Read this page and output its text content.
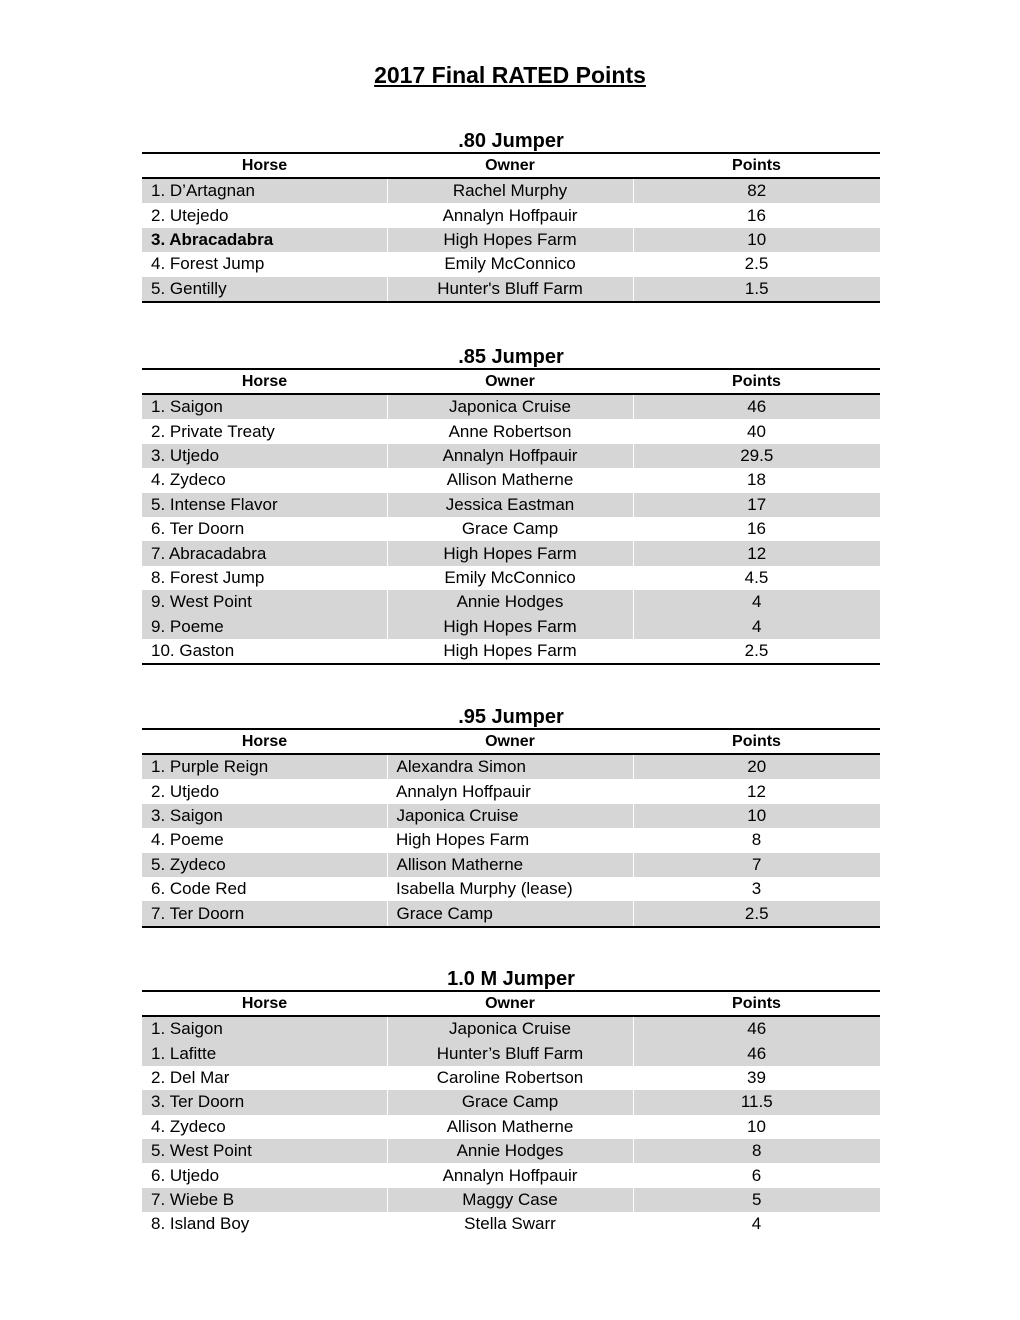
2017 Final RATED Points
.80 Jumper
Horse	Owner	Points
1. D’Artagnan	Rachel Murphy	82
2. Utejedo	Annalyn Hoffpauir	16
3. Abracadabra	High Hopes Farm	10
4. Forest Jump	Emily McConnico	2.5
5. Gentilly	Hunter's Bluff Farm	1.5
.85 Jumper
Horse	Owner	Points
1. Saigon	Japonica Cruise	46
2. Private Treaty	Anne Robertson	40
3. Utjedo	Annalyn Hoffpauir	29.5
4. Zydeco	Allison Matherne	18
5. Intense Flavor	Jessica Eastman	17
6. Ter Doorn	Grace Camp	16
7. Abracadabra	High Hopes Farm	12
8. Forest Jump	Emily McConnico	4.5
9. West Point	Annie Hodges	4
9. Poeme	High Hopes Farm	4
10. Gaston	High Hopes Farm	2.5
.95 Jumper
Horse	Owner	Points
1. Purple Reign	Alexandra Simon	20
2. Utjedo	Annalyn Hoffpauir	12
3. Saigon	Japonica Cruise	10
4. Poeme	High Hopes Farm	8
5. Zydeco	Allison Matherne	7
6. Code Red	Isabella Murphy (lease)	3
7. Ter Doorn	Grace Camp	2.5
1.0 M Jumper
Horse	Owner	Points
1. Saigon	Japonica Cruise	46
1. Lafitte	Hunter’s Bluff Farm	46
2. Del Mar	Caroline Robertson	39
3. Ter Doorn	Grace Camp	11.5
4. Zydeco	Allison Matherne	10
5. West Point	Annie Hodges	8
6. Utjedo	Annalyn Hoffpauir	6
7. Wiebe B	Maggy Case	5
8. Island Boy	Stella Swarr	4
